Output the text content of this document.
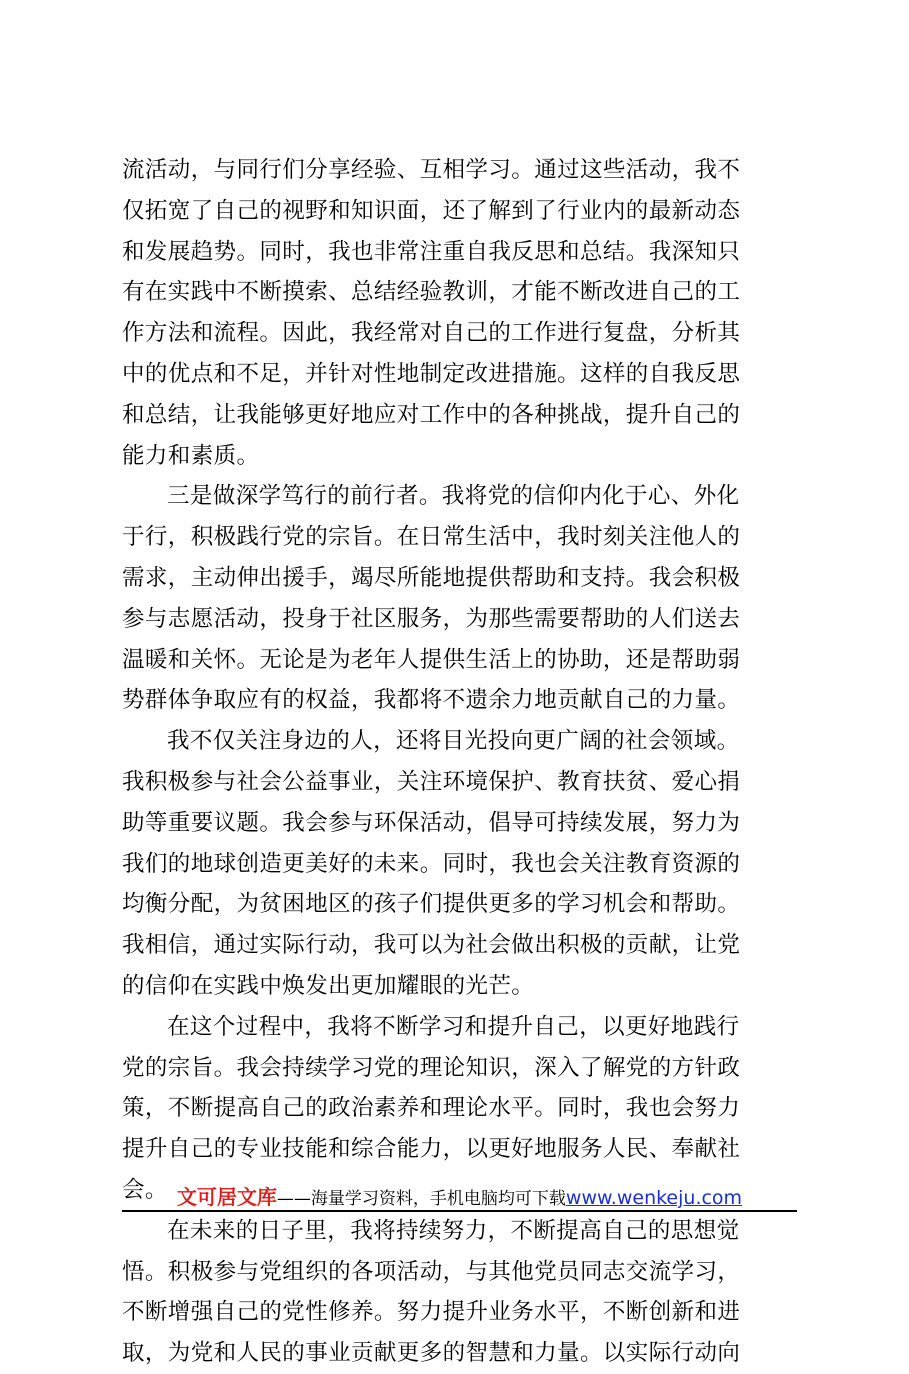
流活动，与同行们分享经验、互相学习。通过这些活动，我不
仅拓宽了自己的视野和知识面，还了解到了行业内的最新动态
和发展趋势。同时，我也非常注重自我反思和总结。我深知只
有在实践中不断摸索、总结经验教训，才能不断改进自己的工
作方法和流程。因此，我经常对自己的工作进行复盘，分析其
中的优点和不足，并针对性地制定改进措施。这样的自我反思
和总结，让我能够更好地应对工作中的各种挑战，提升自己的
能力和素质。
三是做深学笃行的前行者。我将党的信仰内化于心、外化
于行，积极践行党的宗旨。在日常生活中，我时刻关注他人的
需求，主动伸出援手，竭尽所能地提供帮助和支持。我会积极
参与志愿活动，投身于社区服务，为那些需要帮助的人们送去
温暖和关怀。无论是为老年人提供生活上的协助，还是帮助弱
势群体争取应有的权益，我都将不遗余力地贡献自己的力量。
我不仅关注身边的人，还将目光投向更广阔的社会领域。
我积极参与社会公益事业，关注环境保护、教育扶贫、爱心捐
助等重要议题。我会参与环保活动，倡导可持续发展，努力为
我们的地球创造更美好的未来。同时，我也会关注教育资源的
均衡分配，为贫困地区的孩子们提供更多的学习机会和帮助。
我相信，通过实际行动，我可以为社会做出积极的贡献，让党
的信仰在实践中焕发出更加耀眼的光芒。
在这个过程中，我将不断学习和提升自己，以更好地践行
党的宗旨。我会持续学习党的理论知识，深入了解党的方针政
策，不断提高自己的政治素养和理论水平。同时，我也会努力
提升自己的专业技能和综合能力，以更好地服务人民、奉献社
会。
在未来的日子里，我将持续努力，不断提高自己的思想觉
悟。积极参与党组织的各项活动，与其他党员同志交流学习，
不断增强自己的党性修养。努力提升业务水平，不断创新和进
取，为党和人民的事业贡献更多的智慧和力量。以实际行动向
文可居文库——海量学习资料，手机电脑均可下载www.wenkeju.com
